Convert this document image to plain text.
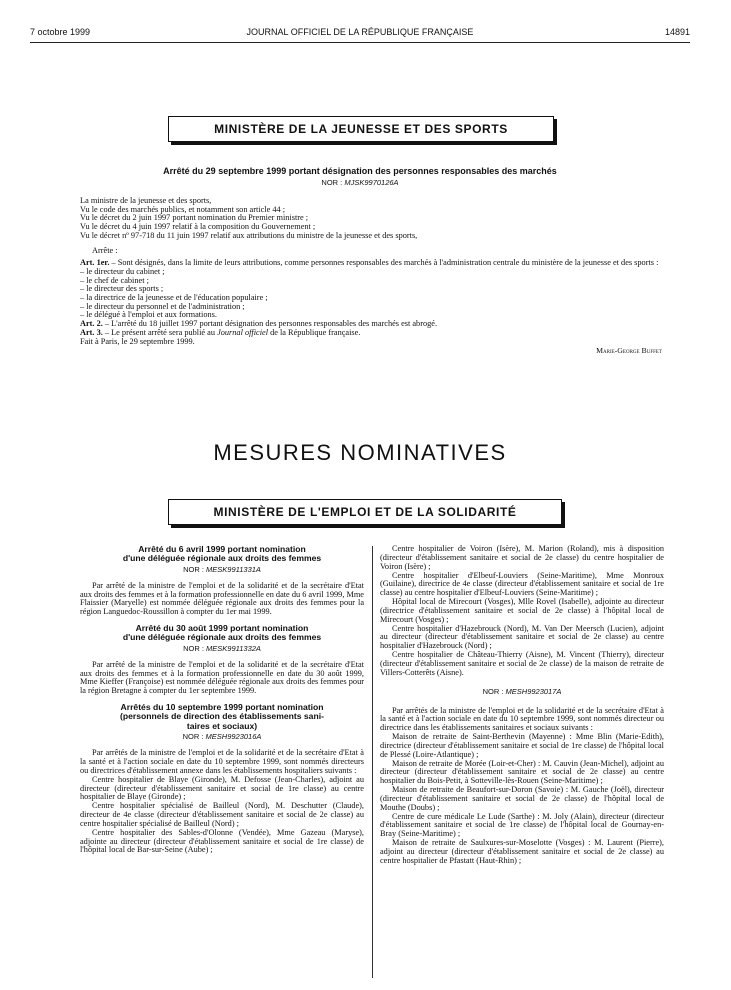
7 octobre 1999	JOURNAL OFFICIEL DE LA RÉPUBLIQUE FRANÇAISE	14891
MINISTÈRE DE LA JEUNESSE ET DES SPORTS
Arrêté du 29 septembre 1999 portant désignation des personnes responsables des marchés
NOR : MJSK9970126A

La ministre de la jeunesse et des sports,

Vu le code des marchés publics, et notamment son article 44 ;

Vu le décret du 2 juin 1997 portant nomination du Premier ministre ;

Vu le décret du 4 juin 1997 relatif à la composition du Gouvernement ;

Vu le décret nº 97-718 du 11 juin 1997 relatif aux attributions du ministre de la jeunesse et des sports,

Arrête :

Art. 1er. – Sont désignés, dans la limite de leurs attributions, comme personnes responsables des marchés à l'administration centrale du ministère de la jeunesse et des sports :

– le directeur du cabinet ;

– le chef de cabinet ;

– le directeur des sports ;

– la directrice de la jeunesse et de l'éducation populaire ;

– le directeur du personnel et de l'administration ;

– le délégué à l'emploi et aux formations.

Art. 2. – L'arrêté du 18 juillet 1997 portant désignation des personnes responsables des marchés est abrogé.

Art. 3. – Le présent arrêté sera publié au Journal officiel de la République française.

Fait à Paris, le 29 septembre 1999.

Marie-George Buffet

MESURES NOMINATIVES
MINISTÈRE DE L'EMPLOI ET DE LA SOLIDARITÉ

Arrêté du 6 avril 1999 portant nomination

d'une déléguée régionale aux droits des femmes

NOR : MESK9911331A

Par arrêté de la ministre de l'emploi et de la solidarité et de la secrétaire d'Etat aux droits des femmes et à la formation professionnelle en date du 6 avril 1999, Mme Flaissier (Maryelle) est nommée déléguée régionale aux droits des femmes pour la région Languedoc-Roussillon à compter du 1er mai 1999.

Arrêté du 30 août 1999 portant nomination

d'une déléguée régionale aux droits des femmes

NOR : MESK9911332A

Par arrêté de la ministre de l'emploi et de la solidarité et de la secrétaire d'Etat aux droits des femmes et à la formation professionnelle en date du 30 août 1999, Mme Kieffer (Françoise) est nommée déléguée régionale aux droits des femmes pour la région Bretagne à compter du 1er septembre 1999.

Arrêtés du 10 septembre 1999 portant nomination

(personnels de direction des établissements sani-

taires et sociaux)

NOR : MESH9923016A

Par arrêtés de la ministre de l'emploi et de la solidarité et de la secrétaire d'Etat à la santé et à l'action sociale en date du 10 septembre 1999, sont nommés directeurs ou directrices d'établissement annexe dans les établissements hospitaliers suivants :

Centre hospitalier de Blaye (Gironde), M. Defosse (Jean-Charles), adjoint au directeur (directeur d'établissement sanitaire et social de 1re classe) au centre hospitalier de Blaye (Gironde) ;

Centre hospitalier spécialisé de Bailleul (Nord), M. Deschutter (Claude), directeur de 4e classe (directeur d'établissement sanitaire et social de 2e classe) au centre hospitalier spécialisé de Bailleul (Nord) ;

Centre hospitalier des Sables-d'Olonne (Vendée), Mme Gazeau (Maryse), adjointe au directeur (directeur d'établissement sanitaire et social de 1re classe) de l'hôpital local de Bar-sur-Seine (Aube) ;

Centre hospitalier de Voiron (Isère), M. Marion (Roland), mis à disposition (directeur d'établissement sanitaire et social de 2e classe) du centre hospitalier de Voiron (Isère) ;

Centre hospitalier d'Elbeuf-Louviers (Seine-Maritime), Mme Monroux (Guilaine), directrice de 4e classe (directeur d'établissement sanitaire et social de 1re classe) au centre hospitalier d'Elbeuf-Louviers (Seine-Maritime) ;

Hôpital local de Mirecourt (Vosges), Mlle Rovel (Isabelle), adjointe au directeur (directrice d'établissement sanitaire et social de 2e classe) à l'hôpital local de Mirecourt (Vosges) ;

Centre hospitalier d'Hazebrouck (Nord), M. Van Der Meersch (Lucien), adjoint au directeur (directeur d'établissement sanitaire et social de 2e classe) au centre hospitalier d'Hazebrouck (Nord) ;

Centre hospitalier de Château-Thierry (Aisne), M. Vincent (Thierry), directeur (directeur d'établissement sanitaire et social de 2e classe) de la maison de retraite de Villers-Cotterêts (Aisne).

NOR : MESH9923017A

Par arrêtés de la ministre de l'emploi et de la solidarité et de la secrétaire d'Etat à la santé et à l'action sociale en date du 10 septembre 1999, sont nommés directeur ou directrice dans les établissements sanitaires et sociaux suivants :

Maison de retraite de Saint-Berthevin (Mayenne) : Mme Blin (Marie-Edith), directrice (directeur d'établissement sanitaire et social de 1re classe) de l'hôpital local de Plessé (Loire-Atlantique) ;

Maison de retraite de Morée (Loir-et-Cher) : M. Cauvin (Jean-Michel), adjoint au directeur (directeur d'établissement sanitaire et social de 2e classe) au centre hospitalier du Bois-Petit, à Sotteville-lès-Rouen (Seine-Maritime) ;

Maison de retraite de Beaufort-sur-Doron (Savoie) : M. Gauche (Joël), directeur (directeur d'établissement sanitaire et social de 2e classe) de l'hôpital local de Mouthe (Doubs) ;

Centre de cure médicale Le Lude (Sarthe) : M. Joly (Alain), directeur (directeur d'établissement sanitaire et social de 1re classe) de l'hôpital local de Gournay-en-Bray (Seine-Maritime) ;

Maison de retraite de Saulxures-sur-Moselotte (Vosges) : M. Laurent (Pierre), adjoint au directeur (directeur d'établissement sanitaire et social de 2e classe) au centre hospitalier de Pfastatt (Haut-Rhin) ;
